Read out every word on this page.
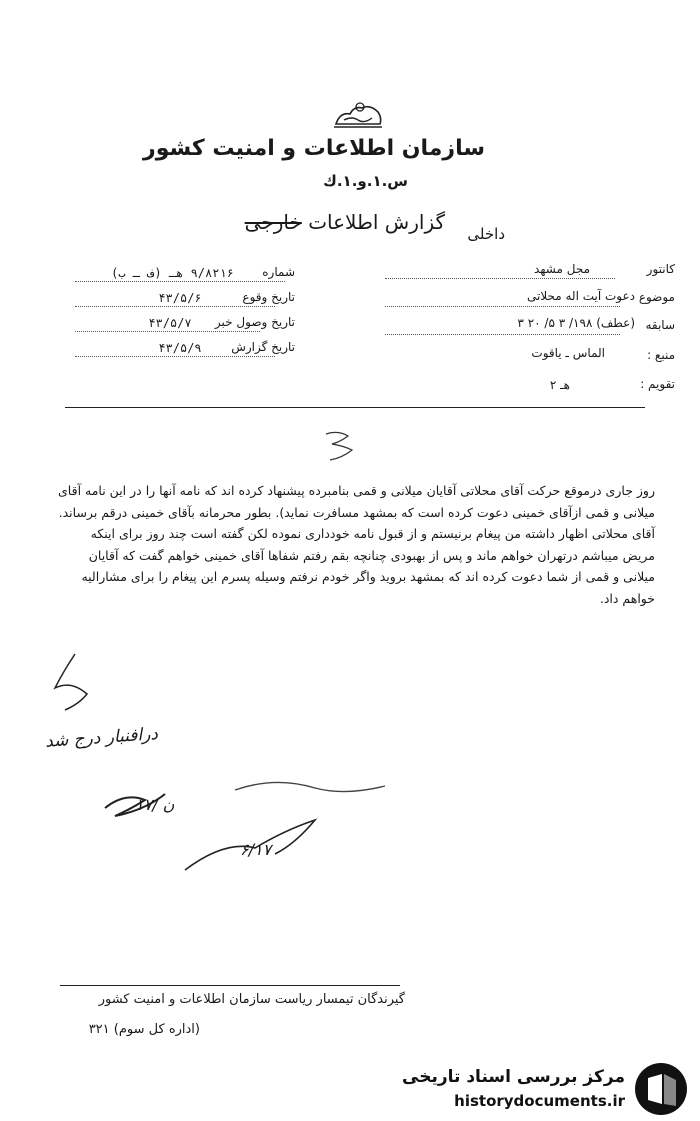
سازمان اطلاعات و امنیت کشور
س.۱.و.۱.ك
گزارش اطلاعات خارجی	داخلی
شماره
۹/۸۲۱۶ هـ (ف ـ ب)
تاریخ وقوع
۴۳/۵/۶
تاریخ وصول خبر
۴۳/۵/۷
تاریخ گزارش
۴۳/۵/۹
کانتور
مجل مشهد
موضوع
دعوت آیت اله محلاتی
سابقه
(عطف) ۱۹۸/ ۳ ۵/ ۲۰ ۳
منبع :
الماس ـ یاقوت
تقویم :
هـ ۲

روز جاری درموقع حرکت آقای محلاتی آقایان میلانی و قمی بنامبرده پیشنهاد کرده اند که نامه آنها را در این نامه آقای میلانی و قمی ازآقای خمینی دعوت کرده است که بمشهد مسافرت نماید). بطور محرمانه بآقای خمینی درقم برساند.

آقای محلاتی اظهار داشته من پیغام برنیستم و از قبول نامه خودداری نموده لکن گفته است چند روز برای اینکه مریض میباشم درتهران خواهم ماند و پس از بهبودی چنانچه بقم رفتم شفاها آقای خمینی خواهم گفت که آقایان میلانی و قمی از شما دعوت کرده اند که بمشهد بروید واگر خودم نرفتم وسیله پسرم این پیغام را برای مشارالیه خواهم داد.

درافنبار درج شد
۱۷/ ن
۶/۱۷
گیرندگان تیمسار ریاست سازمان اطلاعات و امنیت کشور
(اداره کل سوم) ۳۲۱
مرکز بررسی اسناد تاریخی
historydocuments.ir
